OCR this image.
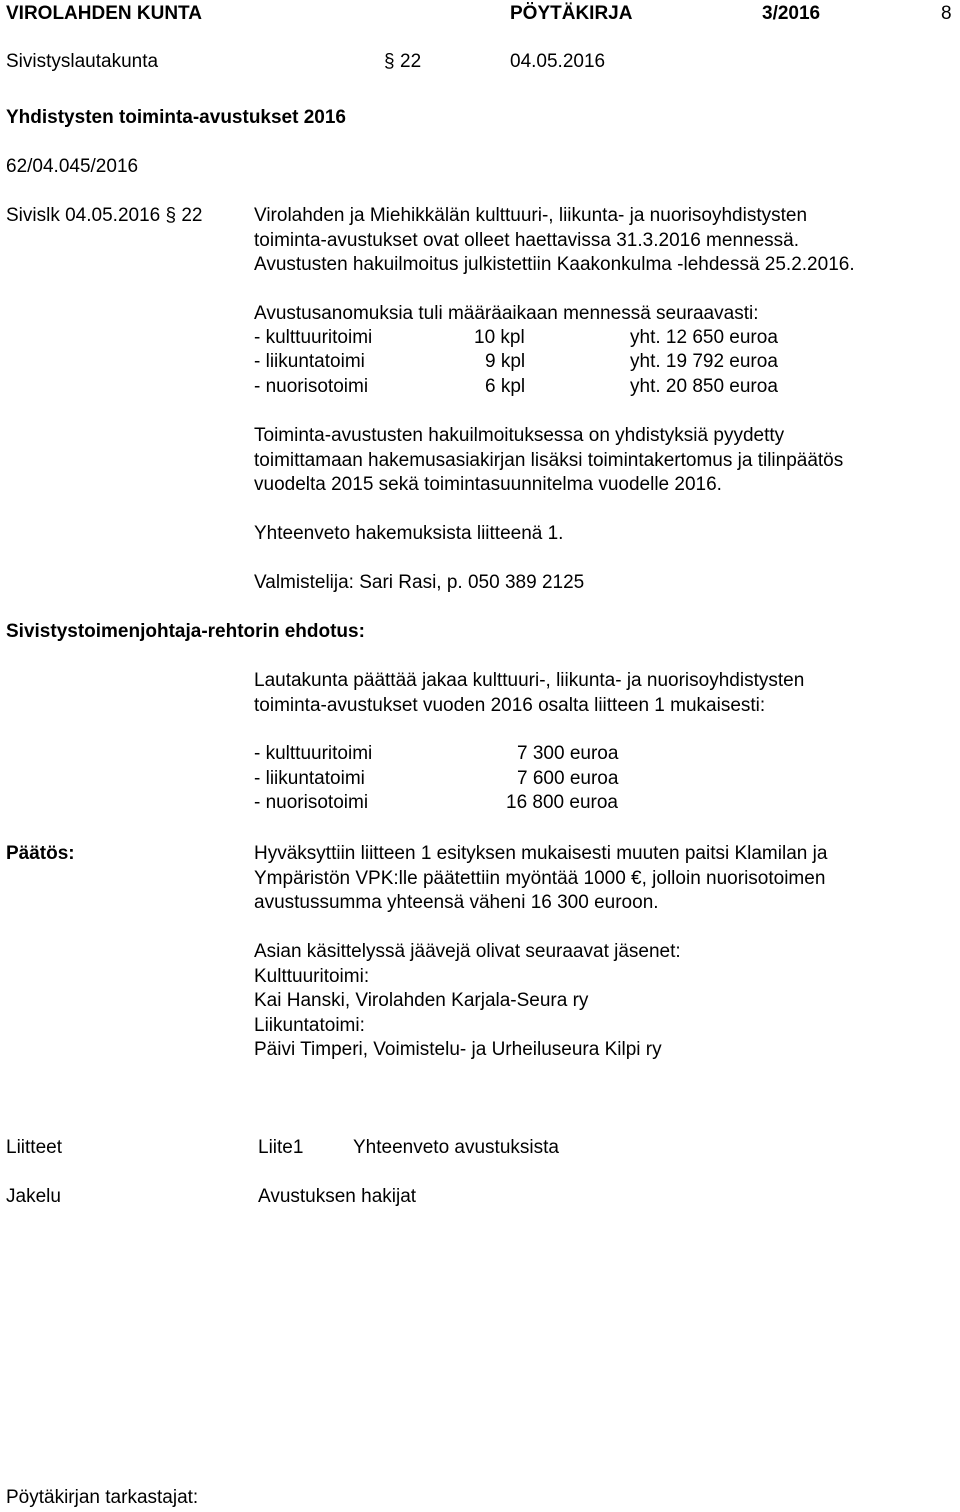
VIROLAHDEN KUNTA	PÖYTÄKIRJA	3/2016	8
Sivistyslautakunta	§ 22	04.05.2016
Yhdistysten toiminta-avustukset 2016
62/04.045/2016
Sivislk 04.05.2016 § 22	Virolahden ja Miehikkälän kulttuuri-, liikunta- ja nuorisoyhdistysten
toiminta-avustukset ovat olleet haettavissa 31.3.2016 mennessä.
Avustusten hakuilmoitus julkistettiin Kaakonkulma -lehdessä 25.2.2016.
Avustusanomuksia tuli määräaikaan mennessä seuraavasti:
- kulttuuritoimi	10 kpl	yht. 12 650 euroa
- liikuntatoimi	9 kpl	yht. 19 792 euroa
- nuorisotoimi	6 kpl	yht. 20 850 euroa
Toiminta-avustusten hakuilmoituksessa on yhdistyksiä pyydetty
toimittamaan hakemusasiakirjan lisäksi toimintakertomus ja tilinpäätös
vuodelta 2015 sekä toimintasuunnitelma vuodelle 2016.
Yhteenveto hakemuksista liitteenä 1.
Valmistelija: Sari Rasi, p. 050 389 2125
Sivistystoimenjohtaja-rehtorin ehdotus:
Lautakunta päättää jakaa kulttuuri-, liikunta- ja nuorisoyhdistysten
toiminta-avustukset vuoden 2016 osalta liitteen 1 mukaisesti:
- kulttuuritoimi	7 300 euroa
- liikuntatoimi	7 600 euroa
- nuorisotoimi	16 800 euroa
Päätös:	Hyväksyttiin liitteen 1 esityksen mukaisesti muuten paitsi Klamilan ja
Ympäristön VPK:lle päätettiin myöntää 1000 €, jolloin nuorisotoimen
avustussumma yhteensä väheni 16 300 euroon.
Asian käsittelyssä jäävejä olivat seuraavat jäsenet:
Kulttuuritoimi:
Kai Hanski, Virolahden Karjala-Seura ry
Liikuntatoimi:
Päivi Timperi, Voimistelu- ja Urheiluseura Kilpi ry
Liitteet	Liite1	Yhteenveto avustuksista
Jakelu	Avustuksen hakijat
Pöytäkirjan tarkastajat:
